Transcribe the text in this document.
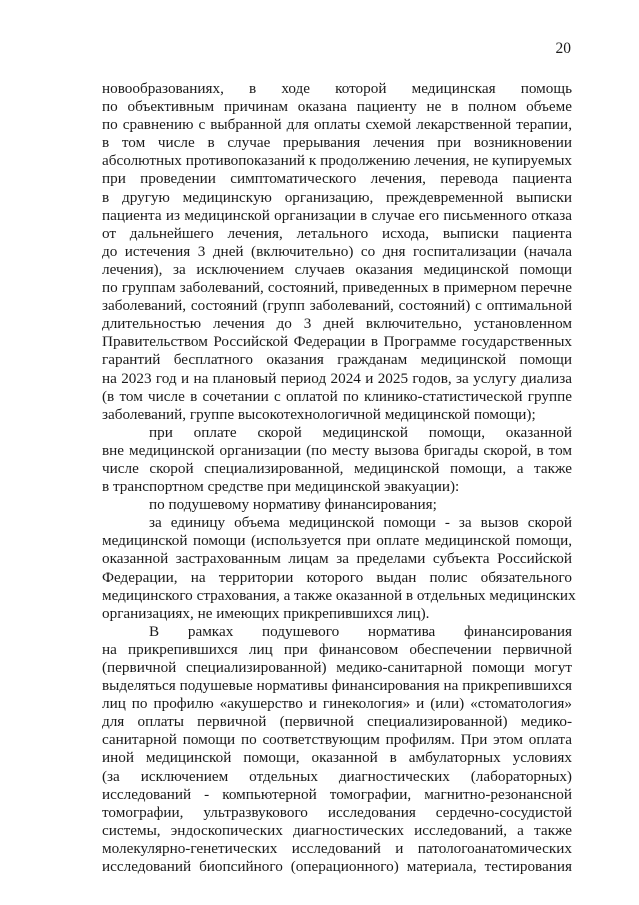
20
новообразованиях, в ходе которой медицинская помощь
по объективным причинам оказана пациенту не в полном объеме
по сравнению с выбранной для оплаты схемой лекарственной терапии,
в том числе в случае прерывания лечения при возникновении
абсолютных противопоказаний к продолжению лечения, не купируемых
при проведении симптоматического лечения, перевода пациента
в другую медицинскую организацию, преждевременной выписки
пациента из медицинской организации в случае его письменного отказа
от дальнейшего лечения, летального исхода, выписки пациента
до истечения 3 дней (включительно) со дня госпитализации (начала
лечения), за исключением случаев оказания медицинской помощи
по группам заболеваний, состояний, приведенных в примерном перечне
заболеваний, состояний (групп заболеваний, состояний) с оптимальной
длительностью лечения до 3 дней включительно, установленном
Правительством Российской Федерации в Программе государственных
гарантий бесплатного оказания гражданам медицинской помощи
на 2023 год и на плановый период 2024 и 2025 годов, за услугу диализа
(в том числе в сочетании с оплатой по клинико-статистической группе
заболеваний, группе высокотехнологичной медицинской помощи);
при оплате скорой медицинской помощи, оказанной
вне медицинской организации (по месту вызова бригады скорой, в том
числе скорой специализированной, медицинской помощи, а также
в транспортном средстве при медицинской эвакуации):
по подушевому нормативу финансирования;
за единицу объема медицинской помощи - за вызов скорой
медицинской помощи (используется при оплате медицинской помощи,
оказанной застрахованным лицам за пределами субъекта Российской
Федерации, на территории которого выдан полис обязательного
медицинского страхования, а также оказанной в отдельных медицинских
организациях, не имеющих прикрепившихся лиц).
В рамках подушевого норматива финансирования
на прикрепившихся лиц при финансовом обеспечении первичной
(первичной специализированной) медико-санитарной помощи могут
выделяться подушевые нормативы финансирования на прикрепившихся
лиц по профилю «акушерство и гинекология» и (или) «стоматология»
для оплаты первичной (первичной специализированной) медико-
санитарной помощи по соответствующим профилям. При этом оплата
иной медицинской помощи, оказанной в амбулаторных условиях
(за исключением отдельных диагностических (лабораторных)
исследований - компьютерной томографии, магнитно-резонансной
томографии, ультразвукового исследования сердечно-сосудистой
системы, эндоскопических диагностических исследований, а также
молекулярно-генетических исследований и патологоанатомических
исследований биопсийного (операционного) материала, тестирования
